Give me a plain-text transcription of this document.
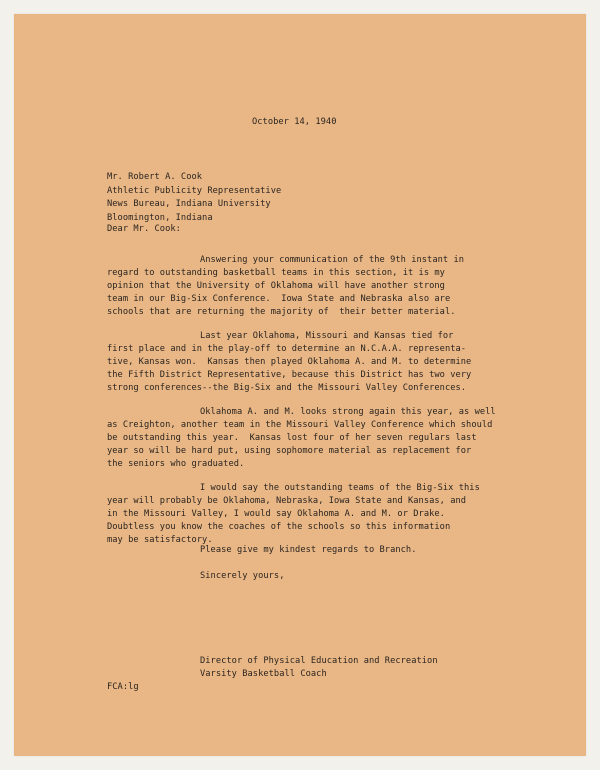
October 14, 1940
Mr. Robert A. Cook
Athletic Publicity Representative
News Bureau, Indiana University
Bloomington, Indiana
Dear Mr. Cook:
Answering your communication of the 9th instant in
regard to outstanding basketball teams in this section, it is my
opinion that the University of Oklahoma will have another strong
team in our Big-Six Conference.  Iowa State and Nebraska also are
schools that are returning the majority of  their better material.
Last year Oklahoma, Missouri and Kansas tied for
first place and in the play-off to determine an N.C.A.A. representa-
tive, Kansas won.  Kansas then played Oklahoma A. and M. to determine
the Fifth District Representative, because this District has two very
strong conferences--the Big-Six and the Missouri Valley Conferences.
Oklahoma A. and M. looks strong again this year, as well
as Creighton, another team in the Missouri Valley Conference which should
be outstanding this year.  Kansas lost four of her seven regulars last
year so will be hard put, using sophomore material as replacement for
the seniors who graduated.
I would say the outstanding teams of the Big-Six this
year will probably be Oklahoma, Nebraska, Iowa State and Kansas, and
in the Missouri Valley, I would say Oklahoma A. and M. or Drake.
Doubtless you know the coaches of the schools so this information
may be satisfactory.
Please give my kindest regards to Branch.
Sincerely yours,
Director of Physical Education and Recreation
Varsity Basketball Coach
FCA:lg
